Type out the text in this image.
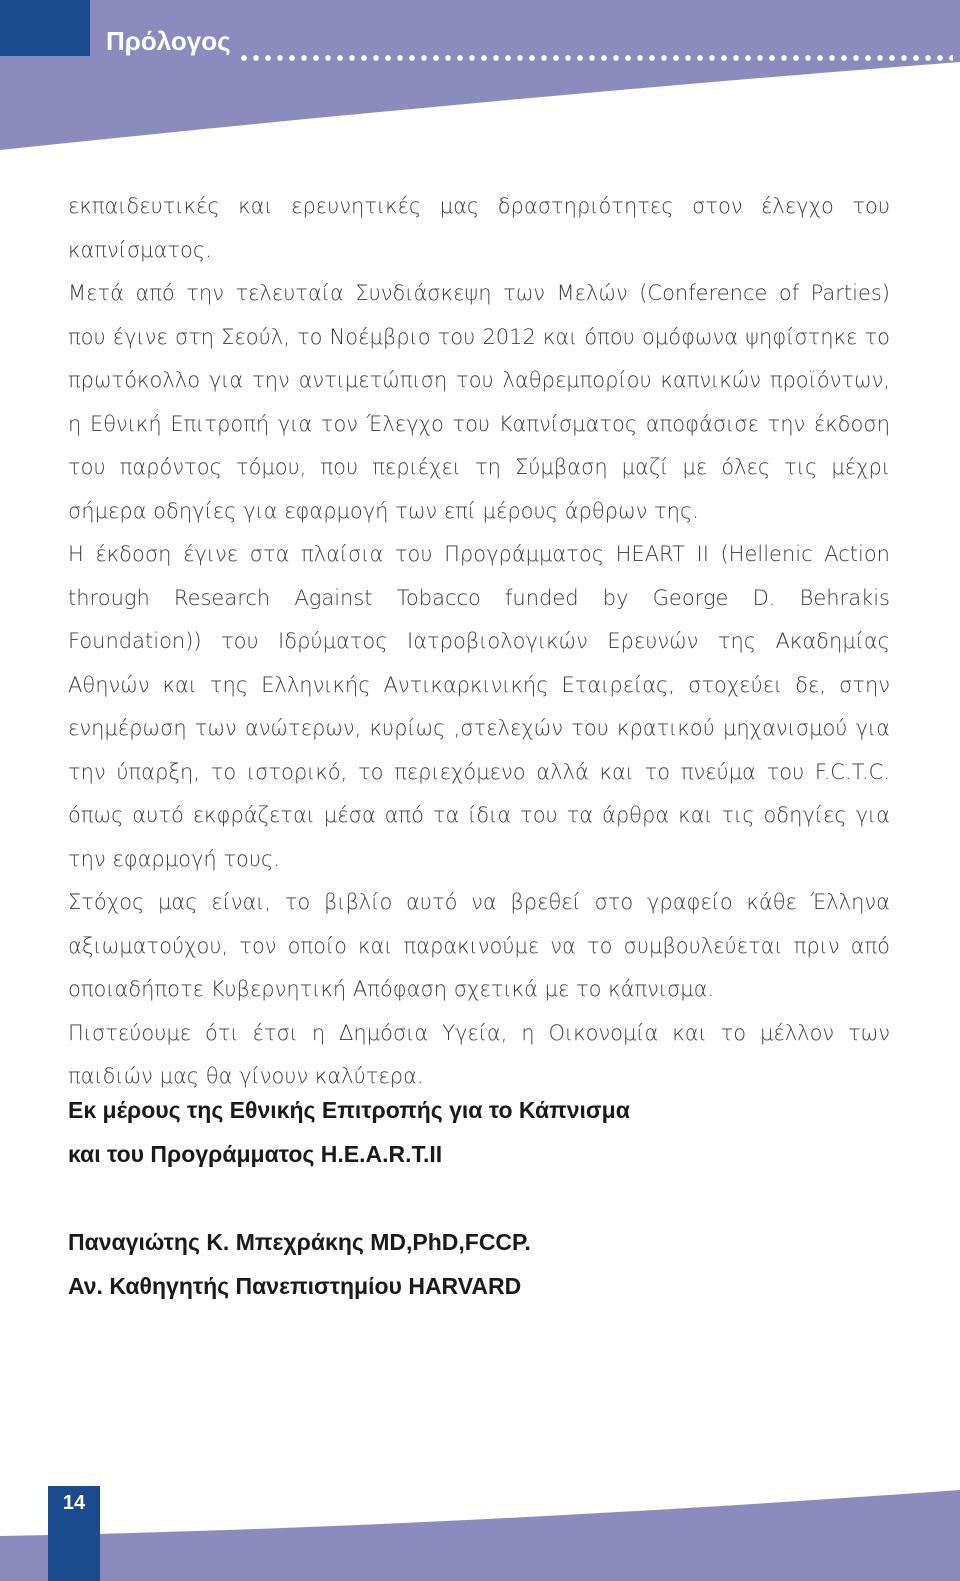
Πρόλογος

εκπαιδευτικές και ερευνητικές μας δραστηριότητες στον έλεγχο του καπνίσματος.

Μετά από την τελευταία Συνδιάσκεψη των Μελών (Conference of Parties) που έγινε στη Σεούλ, το Νοέμβριο του 2012 και όπου ομόφωνα ψηφίστηκε το πρωτόκολλο για την αντιμετώπιση του λαθρεμπορίου καπνικών προϊόντων, η Εθνική Επιτροπή για τον Έλεγχο του Καπνίσματος αποφάσισε την έκδοση του παρόντος τόμου, που περιέχει τη Σύμβαση μαζί με όλες τις μέχρι σήμερα οδηγίες για εφαρμογή των επί μέρους άρθρων της.

Η έκδοση έγινε στα πλαίσια του Προγράμματος HEART II (Hellenic Action through Research Against Tobacco funded by George D. Behrakis Foundation)) του Ιδρύματος Ιατροβιολογικών Ερευνών της Ακαδημίας Αθηνών και της Ελληνικής Αντικαρκινικής Εταιρείας, στοχεύει δε, στην ενημέρωση των ανώτερων, κυρίως ,στελεχών του κρατικού μηχανισμού για την ύπαρξη, το ιστορικό, το περιεχόμενο αλλά και το πνεύμα του F.C.T.C. όπως αυτό εκφράζεται μέσα από τα ίδια του τα άρθρα και τις οδηγίες για την εφαρμογή τους.

Στόχος μας είναι, το βιβλίο αυτό να βρεθεί στο γραφείο κάθε Έλληνα αξιωματούχου, τον οποίο και παρακινούμε να το συμβουλεύεται πριν από οποιαδήποτε Κυβερνητική Απόφαση σχετικά με το κάπνισμα.

Πιστεύουμε ότι έτσι η Δημόσια Υγεία, η Οικονομία και το μέλλον των παιδιών μας θα γίνουν καλύτερα.

Εκ μέρους της Εθνικής Επιτροπής για το Κάπνισμα
και του Προγράμματος H.E.A.R.T.II
Παναγιώτης Κ. Μπεχράκης MD,PhD,FCCP.
Αν. Καθηγητής Πανεπιστημίου HARVARD
14
